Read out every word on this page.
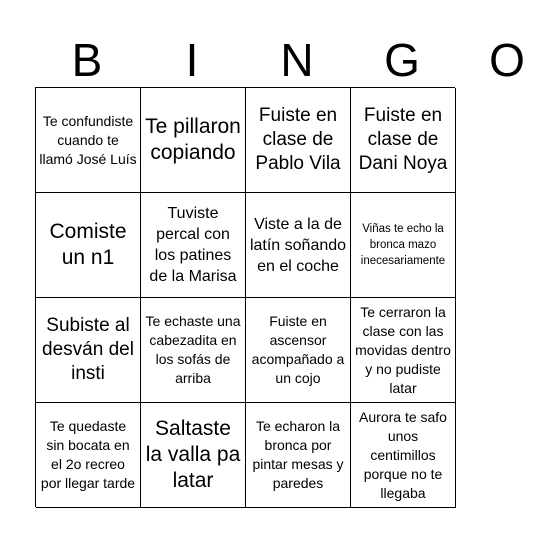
B	I	N	G	O
Te confundiste cuando te llamó José Luís
Te pillaron copiando
Fuiste en clase de Pablo Vila
Fuiste en clase de Dani Noya
Comiste un n1
Tuviste percal con los patines de la Marisa
Viste a la de latín soñando en el coche
Viñas te echo la bronca mazo inecesariamente
Subiste al desván del insti
Te echaste una cabezadita en los sofás de arriba
Fuiste en ascensor acompañado a un cojo
Te cerraron la clase con las movidas dentro y no pudiste latar
Te quedaste sin bocata en el 2o recreo por llegar tarde
Saltaste la valla pa latar
Te echaron la bronca por pintar mesas y paredes
Aurora te safo unos centimillos porque no te llegaba
